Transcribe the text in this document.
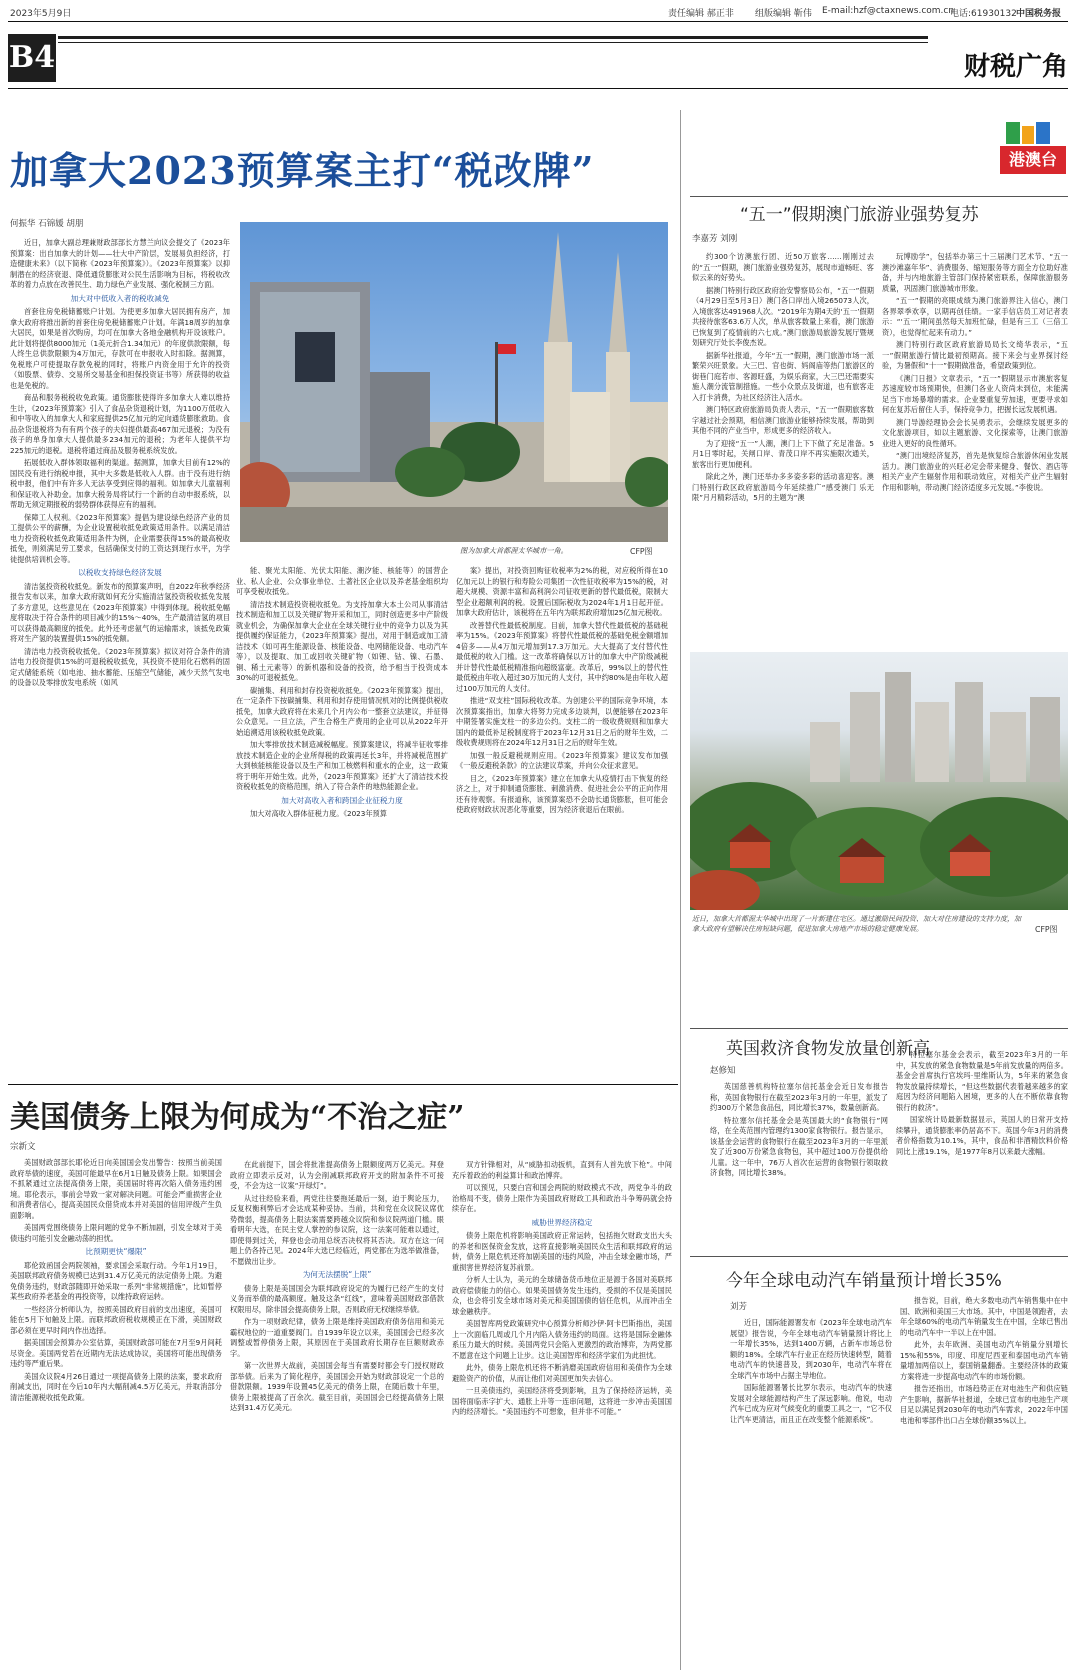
2023年5月9日	责任编辑 郝正非 组版编辑 靳伟 E-mail:hzf@ctaxnews.com.cn
电话:61930132 中国税务报
B4	财税广角
加拿大2023预算案主打“税改牌”
何振华 石锦媛 胡朋

近日，加拿大副总理兼财政部部长方慧兰向议会提交了《2023年预算案：出自加拿大的计划——壮大中产阶层，发展易负担经济，打造健康未来》（以下简称《2023年预算案》）。《2023年预算案》以抑制潜在的经济衰退、降低通货膨胀对公民生活影响为目标，将税收改革的着力点放在改善民生、助力绿色产业发展、强化税制三方面。

加大对中低收入者的税收减免

首套住房免税储蓄账户计划。为使更多加拿大居民拥有房产，加拿大政府将推出新的首套住房免税储蓄账户计划。年满18周岁的加拿大居民，如果是首次购房，均可在加拿大各地金融机构开设该账户。此计划将提供8000加元（1美元折合1.34加元）的年度供款限额，每人终生总供款限额为4万加元，存款可在申报收入时扣除。据测算，免税账户可使提取存款免税的同时，将账户内资金用于允许的投资（如股票、债券、交易所交易基金和担保投资证书等）所获得的收益也是免税的。

商品和服务税税收免政策。通货膨胀使得许多加拿大人难以维持生计，《2023年预算案》引入了食品杂货退税计划，为1100万低收入和中等收入的加拿大人和家庭提供25亿加元的定向通货膨胀救助。食品杂货退税将为有有两个孩子的夫妇提供最高467加元退税；为没有孩子的单身加拿大人提供最多234加元的退税；为老年人提供平均225加元的退税。退税将通过商品及服务税系统发放。

拓展低收入群体领取福利的渠道。据测算，加拿大目前有12%的国民没有进行纳税申报，其中大多数是低收入人群。由于没有进行纳税申报，他们中有许多人无法享受到应得的福利。如加拿大儿童福利和保证收入补助金。加拿大税务局将试行一个新的自动申报系统，以帮助无须定期报税的弱势群体获得应有的福利。

保障工人权利。《2023年预算案》提倡为建设绿色经济产业的员工提供公平的薪酬，为企业设置税收抵免政策适用条件。以满足清洁电力投资税收抵免政策适用条件为例，企业需要获得15%的最高税收抵免，则须满足劳工要求，包括确保支付的工资达到现行水平，为学徒提供培训机会等。

以税收支持绿色经济发展

清洁氢投资税收抵免。新发布的预算案声明，自2022年秋季经济报告发布以来，加拿大政府就如何充分实施清洁氢投资税收抵免发展了多方意见，这些意见在《2023年预算案》中得到体现。税收抵免幅度将取决于符合条件的项目减少的15%～40%，生产最清洁氢的项目可以获得最高额度的抵免。此外还考虑氨气的运输需求，该抵免政策将对生产氢的装置提供15%的抵免额。

清洁电力投资税收抵免。《2023年预算案》拟议对符合条件的清洁电力投资提供15%的可退税税收抵免，其投资不使用化石燃料的固定式储能系统（如电池、抽水蓄能、压缩空气储能，减少天然气发电的设备以及零排放发电系统（如风

图为加拿大首都渥太华城市一角。	CFP图

能、聚光太阳能、光伏太阳能、潮汐能、核能等）的国营企业、私人企业、公众事业单位、土著社区企业以及养老基金组织均可享受税收抵免。

清洁技术制造投资税收抵免。为支持加拿大本土公司从事清洁技术制造和加工以及关键矿物开采和加工，同时创造更多中产阶级就业机会，为确保加拿大企业在全球关键行业中的竞争力以及为其提供履约保证能力，《2023年预算案》提出，对用于制造或加工清洁技术（如可再生能源设备、核能设备、电网储能设备、电动汽车等），以及提取、加工或回收关键矿物（如锂、钴、镍、石墨、铜、稀土元素等）的新机器和设备的投资，给予相当于投资成本30%的可退税抵免。

碳捕集、利用和封存投资税收抵免。《2023年预算案》提出，在一定条件下按碳捕集、利用和封存使用情况机对的比例提供税收抵免，加拿大政府将在未来几个月内公布一整套立法建议，并征得公众意见。一旦立法，产生合格生产费用的企业可以从2022年开始追溯适用该税收抵免政策。

加大零排放技术制造减税幅度。预算案建议，将减半征收零排放技术制造企业的企业所得税的政策再延长3年，并将减税范围扩大到核能核能设备以及生产和加工核燃料和重水的企业，这一政策将于明年开始生效。此外，《2023年预算案》还扩大了清洁技术投资税收抵免的资格范围，纳入了符合条件的地热能源企业。

加大对高收入者和跨国企业征税力度

加大对高收入群体征税力度。《2023年预算

案》提出，对投资回购征收税率为2%的税，对应税所得在10亿加元以上的银行和寿险公司集团一次性征收税率为15%的税，对超大规模、资源丰富和高利润公司征收更新的替代最低税，限制大型企业超额利润的税。设置后国际税收为2024年1月1日起开征。加拿大政府估计，该税将在五年内为联邦政府增加25亿加元税收。

改善替代性最低税制度。目前，加拿大替代性最低税的基础税率为15%。《2023年预算案》将替代性最低税的基础免税金额增加4倍多——从4万加元增加到17.3万加元。大大提高了支付替代性最低税的收入门槛。这一改革将确保以万计的加拿大中产阶级减税并计替代性最低税精准指向超级富豪。改革后，99%以上的替代性最低税由年收入超过30万加元的人支付，其中约80%是由年收入超过100万加元的人支付。

推进“双支柱”国际税收改革。为创建公平的国际竞争环境，本次预算案指出，加拿大将努力完成多边谈判，以便能够在2023年中期签署实施支柱一的多边公约。支柱二的一级收费规则和加拿大国内的最低补足税制度将于2023年12月31日之后的财年生效，二级收费规则将在2024年12月31日之后的财年生效。

加强一般反避税规则应用。《2023年预算案》建议发布加强《一般反避税条款》的立法建议草案，并向公众征求意见。

目之，《2023年预算案》建立在加拿大从疫情打击下恢复的经济之上，对于抑制通货膨胀、刺激消费、促进社会公平的正向作用还有待观察。有报道称，该预算案恐不会助长通货膨胀，但可能会使政府财政状况恶化等重要，因为经济衰退后在眼前。

港澳台
“五一”假期澳门旅游业强势复苏
李嘉芳 刘刚

约300个访澳旅行团、近50万旅客……刚刚过去的“五一”假期，澳门旅游业强势复苏，展现市道畅旺、客似云来的好势头。

据澳门特别行政区政府治安警察局公布，“五一”假期（4月29日至5月3日）澳门各口岸出入境265073人次，入境旅客达491968人次。“2019年为期4天的‘五一’假期共接待旅客63.6万人次，单从旅客数量上来看，澳门旅游已恢复到了疫情前的六七成。”澳门旅游局旅游发展厅暨规划研究厅处长李俊杰说。

据新华社报道，今年“五一”假期，澳门旅游市场一派繁荣兴旺景象。大三巴、官也街、妈阁庙等热门旅游区的街巷门庭若市、客源旺盛，为娱乐商家，大三巴还需要实施人潮分流管制措施。一些小众景点及街道，也有旅客走入打卡消费，为社区经济注入活水。

澳门特区政府旅游局负责人表示，“五一”假期旅客数字越过社会预期，相信澳门旅游业能够持续发展，帮助到其他不同的产业当中，形成更多的经济收入。

为了迎接“五一”人潮，澳门上下下做了充足准备。5月1日零时起，关闸口岸、青茂口岸不再实施限次通关，旅客出行更加便利。

除此之外，澳门还举办多多姿多彩的活动喜迎客。澳门特别行政区政府旅游局今年延续推广“感受澳门 乐无限”月月精彩活动，5月的主题为“澳

玩博励学”，包括举办第三十三届澳门艺术节、“五一澳沙滩嘉年华”、消费服务、缩短服务等方面全方位助好准备，并与内地旅游主管部门保持紧密联系，保障旅游服务质量，巩固澳门旅游城市形象。

“五一”假期的亮眼成绩为澳门旅游界注入信心，澳门各界翠季欢享，以期再创佳绩。一家手信店员工对记者表示：“‘五一’期间虽然每天加班忙碌，但是有三工（三倍工资），也觉得忙起来有动力。”

澳门特别行政区政府旅游局局长文绮华表示，“五一”假期旅游行情比最初预期高。接下来会与业界探讨经验，为暑假和“十一”假期做准备，希望政策到位。

《澳门日报》文章表示，“五一”假期显示市澳旅客复苏速度较市场预期快，但澳门各业人资尚未到位，未能满足当下市场暴增的需求。企业要重复劳加速，更要寻求如何在复苏后留住人手，保持竞争力，把握长远发展机遇。

澳门导游经理协会会长吴勇表示，会继续发展更多的文化旅游项目，如以主题旅游、文化探索等，让澳门旅游业进入更好的良性循环。

“澳门出境经济复苏，首先是恢复综合旅游休闲业发展活力。澳门旅游业的兴旺必定会带来健身、餐饮、酒店等相关产业产生辐射作用和联动效应，对相关产业产生辐射作用和影响，带动澳门经济适度多元发展。”李俊说。

近日，加拿大首都渥太华城中出现了一片新建住宅区。通过激励民间投资、加大对住房建设的支持力度，加拿大政府有望解决住房短缺问题，促进加拿大房地产市场的稳定健康发展。	CFP图
美国债务上限为何成为“不治之症”
宗新文

美国财政部部长耶伦近日向美国国会发出警告：按照当前美国政府举债的速度，美国可能最早在6月1日触及债务上限。如果国会不抓紧通过立法提高债务上限，美国届时将再次陷入债务违约困境。耶伦表示，事前会导致一家对解决问题。可能会严重损害企业和消费者信心，提高美国民众借贷成本并对美国的信用评级产生负面影响。

美国两党围绕债务上限问题的党争不断加剧，引发全球对于美债违约可能引发金融动荡的担忧。

比预期更快“爆限”

耶伦致函国会两院领袖，要求国会采取行动。今年1月19日，美国联邦政府债务规模已达到31.4万亿美元的法定债务上限。为避免债务违约，财政部随即开始采取一系列“非常规措施”，比如暂停某些政府养老基金的再投资等，以维持政府运转。

一些经济分析师认为，按照美国政府目前的支出速度，美国可能在5月下旬触及上限。而联邦政府税收规模正在下滑，美国财政部必须在更早时间内作出选择。

据美国国会预算办公室估算，美国财政部可能在7月至9月间耗尽资金。美国两党若在近期内无法达成协议，美国将可能出现债务违约等严重后果。

美国众议院4月26日通过一项提高债务上限的法案，要求政府削减支出，同时在今后10年内大幅削减4.5万亿美元，并取消部分清洁能源税收抵免政策。

在此前提下，国会将批准提高债务上限额度两万亿美元。拜登政府立即表示反对，认为会削减联邦政府开支的附加条件不可接受，不会为这一议案“开绿灯”。

从过往经验来看，两党往往要拖延最后一刻，迫于舆论压力，反复权衡利弊后才会达成某种妥协。当前，共和党在众议院议席优势微弱，提高债务上限法案需要跨越众议院和参议院两道门槛。眼看明年大选，在民主党人掌控的参议院，这一法案可能难以通过，即使得到过关，拜登也会动用总统否决权将其否决。双方在这一问题上仍各持己见。2024年大选已经临近，两党都在为选举做准备，不愿做出让步。

为何无法摆脱“上限”

债务上限是美国国会为联邦政府设定的为履行已经产生的支付义务而举债的最高额度。触及这条“红线”，意味着美国财政部借款权限用尽，除非国会提高债务上限，否则政府无权继续举债。

作为一项财政纪律，债务上限是维持美国政府债务信用和美元霸权地位的一道重要阀门。自1939年设立以来，美国国会已经多次调整或暂停债务上限，其原因在于美国政府长期存在巨额财政赤字。

第一次世界大战前，美国国会每当有需要时都会专门授权财政部举债。后来为了简化程序，美国国会开始为财政部设定一个总的借款限额。1939年设置45亿美元的债务上限，在随后数十年里，债务上限被提高了百余次。截至目前，美国国会已经提高债务上限达到31.4万亿美元。

双方针锋相对，从“威胁扣动扳机，直到有人首先放下枪”。中间充斥着政治的利益算计和政治博弈。

可以预见，只要白宫和国会两院的财政模式不改，两党争斗的政治格局不变，债务上限作为美国政府财政工具和政治斗争筹码就会持续存在。

威胁世界经济稳定

债务上限危机将影响美国政府正常运转，包括拖欠财政支出大头的养老和医保资金发放，这将直接影响美国民众生活和联邦政府的运转，债务上限危机还将加剧美国的违约风险，冲击全球金融市场，严重损害世界经济复苏前景。

分析人士认为，美元的全球储备货币地位正是源于各国对美联邦政府偿债能力的信心。如果美国债务发生违约，受损的不仅是美国民众，也会将引发全球市场对美元和美国国债的信任危机，从而冲击全球金融秩序。

美国智库两党政策研究中心预算分析师沙伊·阿卡巴斯指出，美国上一次面临几周或几个月内陷入债务违约的局面。这将是国际金融体系压力最大的时候。美国两党只会陷入更激烈的政治博弈，为两党都不愿意在这个问题上让步。这让美国智库和经济学家们为此担忧。

此外，债务上限危机还将不断消磨美国政府信用和美债作为全球避险资产的价值，从而让他们对美国更加失去信心。

一旦美债违约，美国经济将受到影响，且为了保持经济运转，美国将面临赤字扩大、通胀上升等一连串问题，这将进一步冲击美国国内的经济增长。“美国违约不可想象，但并非不可能。”

英国救济食物发放量创新高
赵修知

英国慈善机构特拉塞尔信托基金会近日发布报告称，英国食物银行在截至2023年3月的一年里，派发了约300万个紧急食品包，同比增长37%，数量创新高。

特拉塞尔信托基金会是英国最大的“食物银行”网络，在全英范围内管理约1300家食物银行。报告显示，该基金会运营的食物银行在截至2023年3月的一年里派发了近300万份紧急食物包，其中超过100万份提供给儿童。这一年中，76万人首次在运营的食物银行领取救济食物，同比增长38%。

特拉塞尔基金会表示，截至2023年3月的一年中，其发放的紧急食物数量是5年前发放量的两倍多。基金会首席执行官埃玛·里维斯认为，5年来的紧急食物发放量持续增长，“但这些数据代表着越来越多的家庭因为经济问题陷入困境，更多的人在不断依靠食物银行的救济”。

国家统计局最新数据显示，英国人的日常开支持续攀升，通货膨胀率仍居高不下。英国今年3月的消费者价格指数为10.1%，其中，食品和非酒精饮料价格同比上涨19.1%，是1977年8月以来最大涨幅。

今年全球电动汽车销量预计增长35%
刘芳

近日，国际能源署发布《2023年全球电动汽车展望》报告说，今年全球电动汽车销量预计将比上一年增长35%，达到1400万辆，占新车市场总份额的18%。全球汽车行业正在经历快速转型，随着电动汽车的快速普及，到2030年，电动汽车将在全球汽车市场中占据主导地位。

国际能源署署长比罗尔表示，电动汽车的快速发展对全球能源结构产生了深远影响。他说，电动汽车已成为应对气候变化的重要工具之一，“它不仅让汽车更清洁，而且正在改变整个能源系统”。

报告说，目前，绝大多数电动汽车销售集中在中国、欧洲和美国三大市场。其中，中国是领跑者，去年全球60%的电动汽车销量发生在中国，全球已售出的电动汽车中一半以上在中国。

此外，去年欧洲、美国电动汽车销量分别增长15%和55%，印度、印度尼西亚和泰国电动汽车销量增加两倍以上，泰国销量翻番。主要经济体的政策方案将进一步提高电动汽车的市场份额。

报告还指出，市场趋势正在对电池生产和供应链产生影响，据新华社报道，全球已宣布的电池生产项目足以满足到2030年的电动汽车需求，2022年中国电池和零部件出口占全球份额35%以上。
